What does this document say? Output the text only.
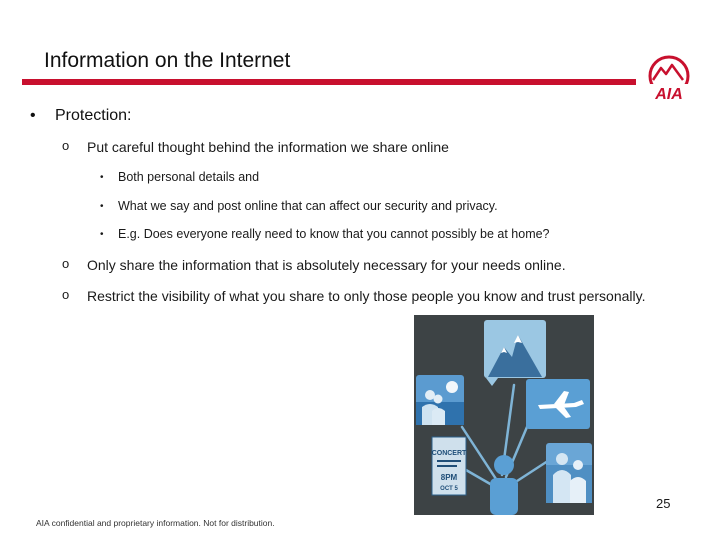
Information on the Internet
AIA
• Protection:
o Put careful thought behind the information we share online
• Both personal details and
• What we say and post online that can affect our security and privacy.
• E.g. Does everyone really need to know that you cannot possibly be at home?
o Only share the information that is absolutely necessary for your needs online.
o Restrict the visibility of what you share to only those people you know and trust personally.
CONCERT
8PM
OCT 5
25
AIA confidential and proprietary information. Not for distribution.
